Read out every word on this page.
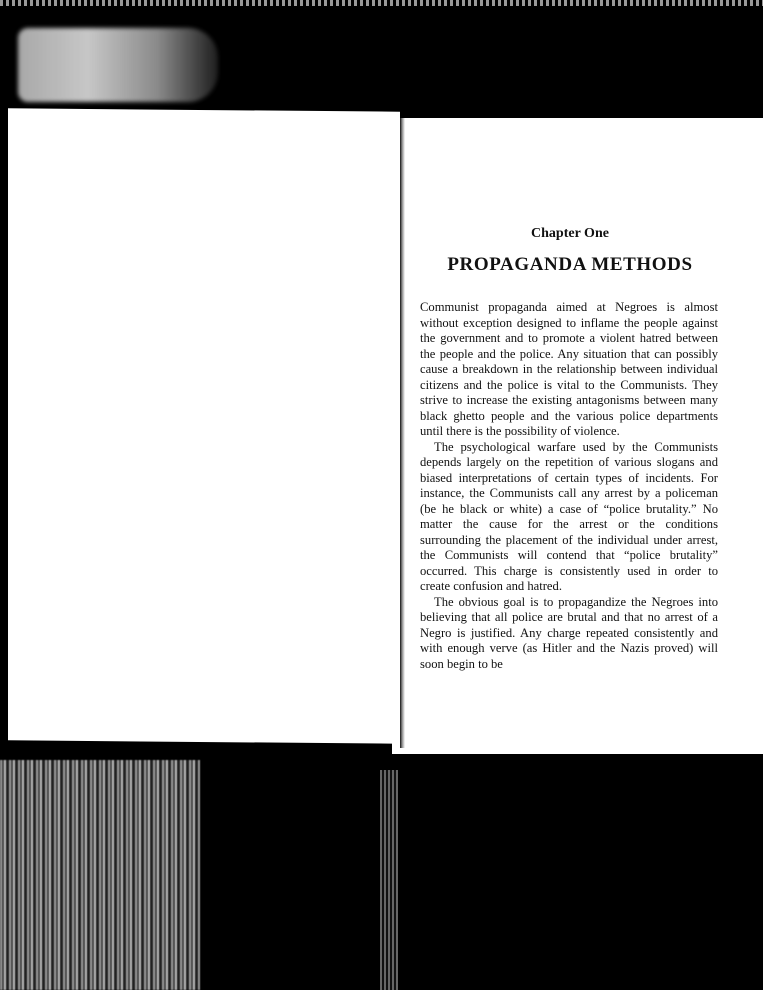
Chapter One
PROPAGANDA METHODS

Communist propaganda aimed at Negroes is almost without exception designed to inflame the people against the government and to promote a violent hatred between the people and the police. Any situation that can possibly cause a breakdown in the relationship between individual citizens and the police is vital to the Communists. They strive to increase the existing antagonisms between many black ghetto people and the various police departments until there is the possibility of violence.

The psychological warfare used by the Communists depends largely on the repetition of various slogans and biased interpretations of certain types of incidents. For instance, the Communists call any arrest by a policeman (be he black or white) a case of “police brutality.” No matter the cause for the arrest or the conditions surrounding the placement of the individual under arrest, the Communists will contend that “police brutality” occurred. This charge is consistently used in order to create confusion and hatred.

The obvious goal is to propagandize the Negroes into believing that all police are brutal and that no arrest of a Negro is justified. Any charge repeated consistently and with enough verve (as Hitler and the Nazis proved) will soon begin to be
